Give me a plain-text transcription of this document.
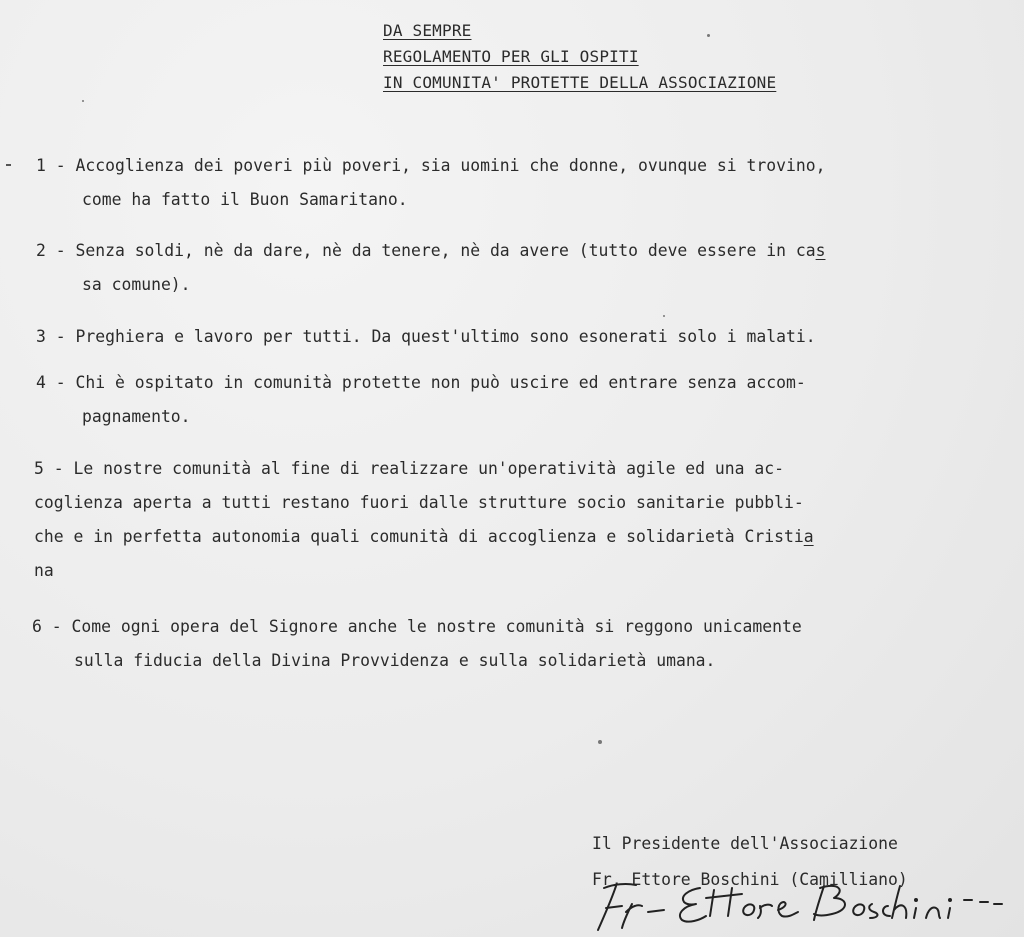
DA SEMPRE
REGOLAMENTO PER GLI OSPITI
IN COMUNITA' PROTETTE DELLA ASSOCIAZIONE
1 - Accoglienza dei poveri più poveri, sia uomini che donne, ovunque si trovino,
come ha fatto il Buon Samaritano.
2 - Senza soldi, nè da dare, nè da tenere, nè da avere (tutto deve essere in cas
sa comune).
3 - Preghiera e lavoro per tutti. Da quest'ultimo sono esonerati solo i malati.
4 - Chi è ospitato in comunità protette non può uscire ed entrare senza accom-
pagnamento.
5 - Le nostre comunità al fine di realizzare un'operatività agile ed una ac-
coglienza aperta a tutti restano fuori dalle strutture socio sanitarie pubbli-
che e in perfetta autonomia quali comunità di accoglienza e solidarietà Cristia
na
6 - Come ogni opera del Signore anche le nostre comunità si reggono unicamente
sulla fiducia della Divina Provvidenza e sulla solidarietà umana.
Il Presidente dell'Associazione
Fr. Ettore Boschini (Camilliano)
